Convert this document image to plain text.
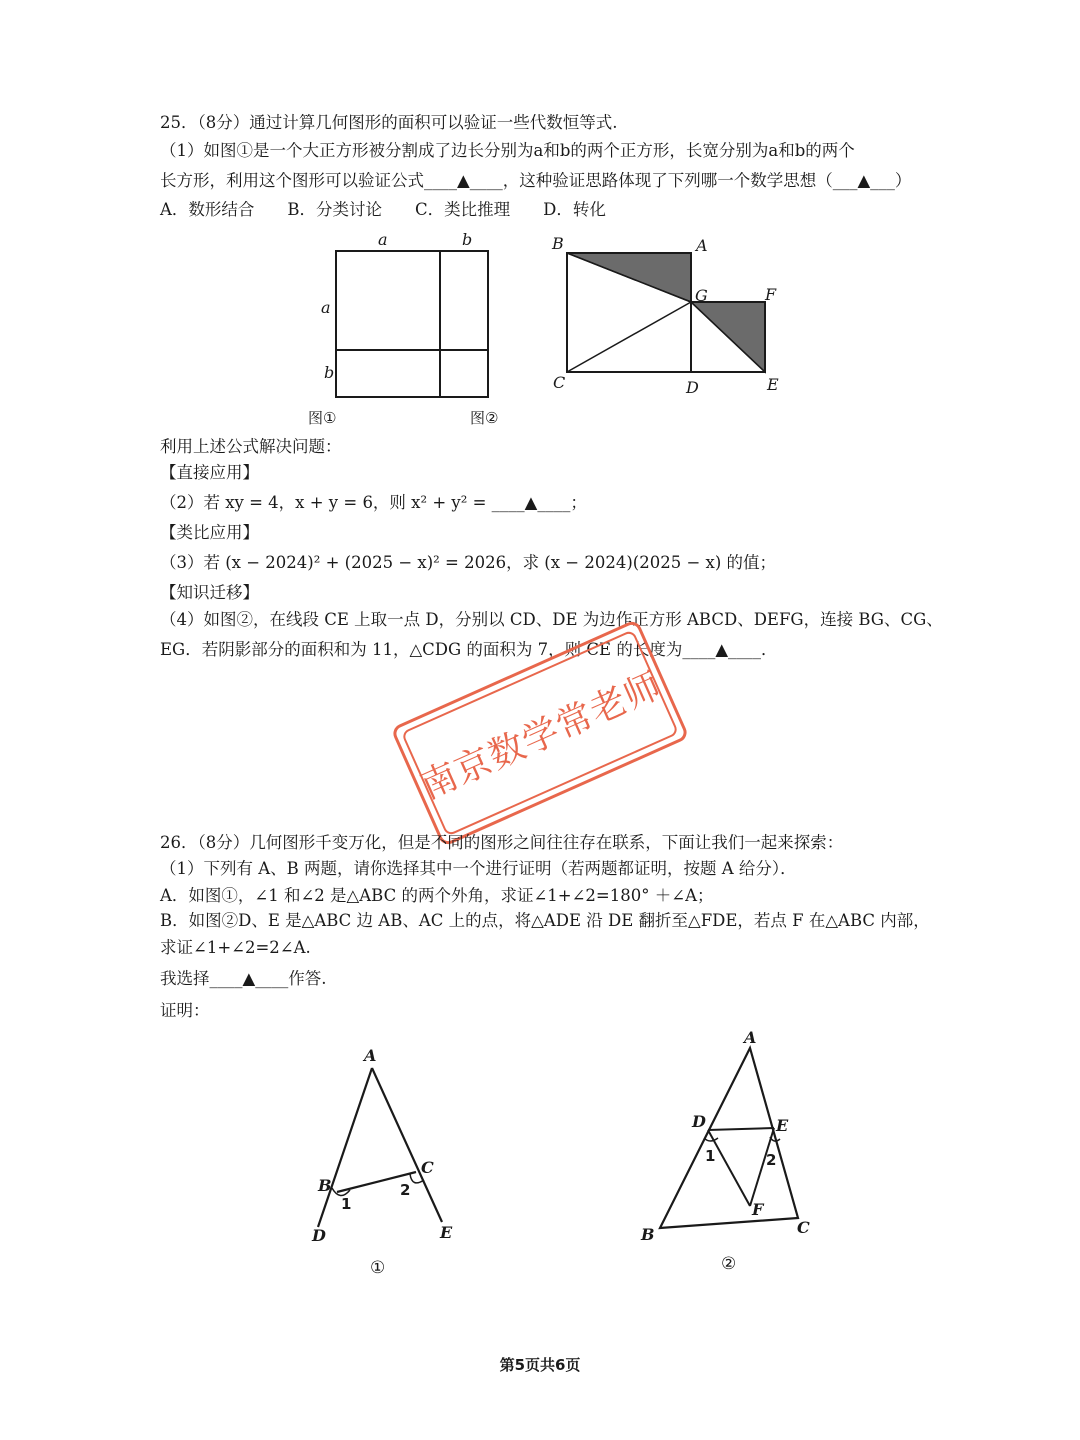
25．（8分）通过计算几何图形的面积可以验证一些代数恒等式.
（1）如图①是一个大正方形被分割成了边长分别为a和b的两个正方形，长宽分别为a和b的两个
长方形，利用这个图形可以验证公式____▲____，这种验证思路体现了下列哪一个数学思想（___▲___）
A．数形结合　　B．分类讨论　　C．类比推理　　D．转化
a	b
a
b
图①
B	A
G	F
C	D	E
图②
利用上述公式解决问题：
【直接应用】
（2）若 xy = 4，x + y = 6，则 x² + y² = ____▲____；
【类比应用】
（3）若 (x − 2024)² + (2025 − x)² = 2026，求 (x − 2024)(2025 − x) 的值；
【知识迁移】
（4）如图②，在线段 CE 上取一点 D，分别以 CD、DE 为边作正方形 ABCD、DEFG，连接 BG、CG、
EG．若阴影部分的面积和为 11，△CDG 的面积为 7，则 CE 的长度为____▲____．
南京数学常老师
26．（8分）几何图形千变万化，但是不同的图形之间往往存在联系，下面让我们一起来探索：
（1）下列有 A、B 两题，请你选择其中一个进行证明（若两题都证明，按题 A 给分）．
A．如图①，∠1 和∠2 是△ABC 的两个外角，求证∠1+∠2=180° ＋∠A；
B．如图②D、E 是△ABC 边 AB、AC 上的点，将△ADE 沿 DE 翻折至△FDE，若点 F 在△ABC 内部，
求证∠1+∠2=2∠A.
我选择____▲____作答.
证明：
A
B
C
D	E
1
2
①
A
B	C
D	E
F
1	2
②
第5页共6页
